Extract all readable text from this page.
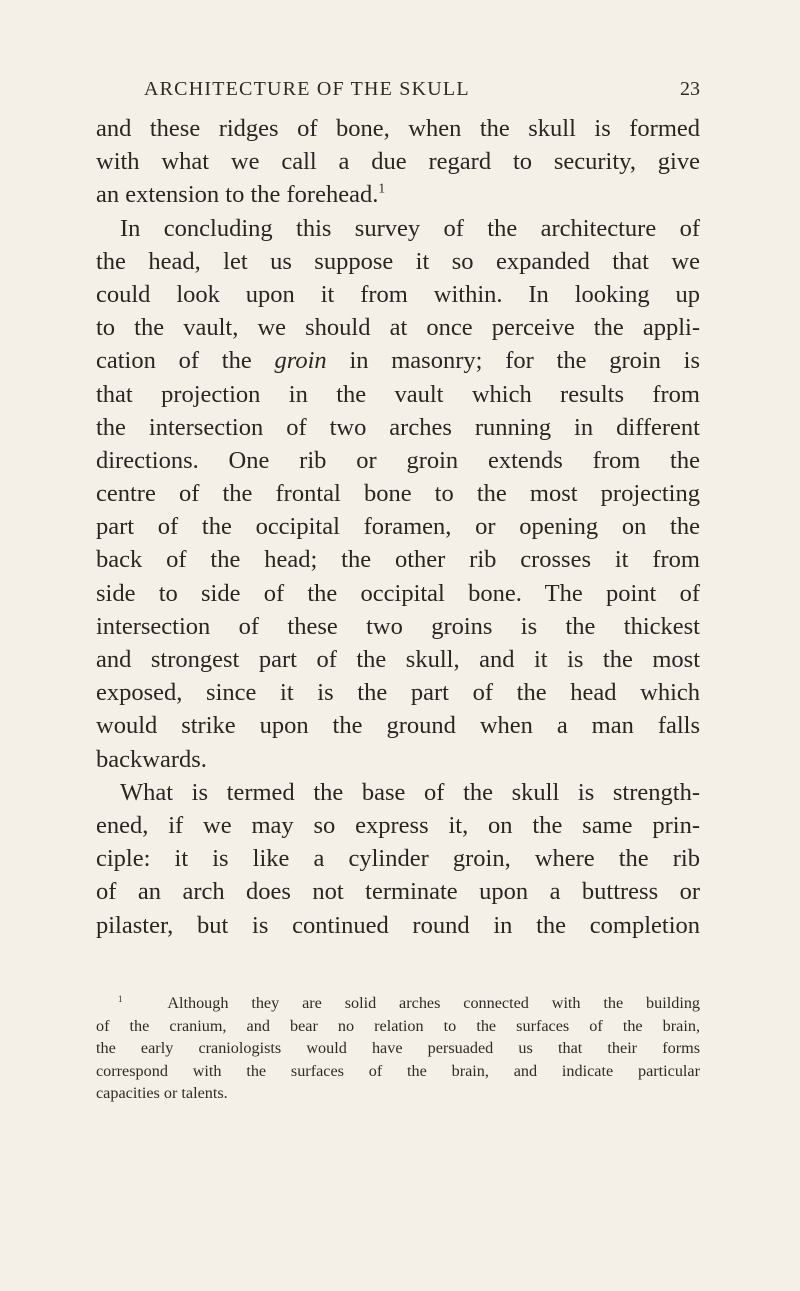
ARCHITECTURE OF THE SKULL	23
and these ridges of bone, when the skull is formed
with what we call a due regard to security, give
an extension to the forehead.$^1$
In concluding this survey of the architecture of
the head, let us suppose it so expanded that we
could look upon it from within. In looking up
to the vault, we should at once perceive the appli-
cation of the groin in masonry; for the groin is
that projection in the vault which results from
the intersection of two arches running in different
directions. One rib or groin extends from the
centre of the frontal bone to the most projecting
part of the occipital foramen, or opening on the
back of the head; the other rib crosses it from
side to side of the occipital bone. The point of
intersection of these two groins is the thickest
and strongest part of the skull, and it is the most
exposed, since it is the part of the head which
would strike upon the ground when a man falls
backwards.
What is termed the base of the skull is strength-
ened, if we may so express it, on the same prin-
ciple: it is like a cylinder groin, where the rib
of an arch does not terminate upon a buttress or
pilaster, but is continued round in the completion
$^1$	Although they are solid arches connected with the building
of the cranium, and bear no relation to the surfaces of the brain,
the early craniologists would have persuaded us that their forms
correspond with the surfaces of the brain, and indicate particular
capacities or talents.
